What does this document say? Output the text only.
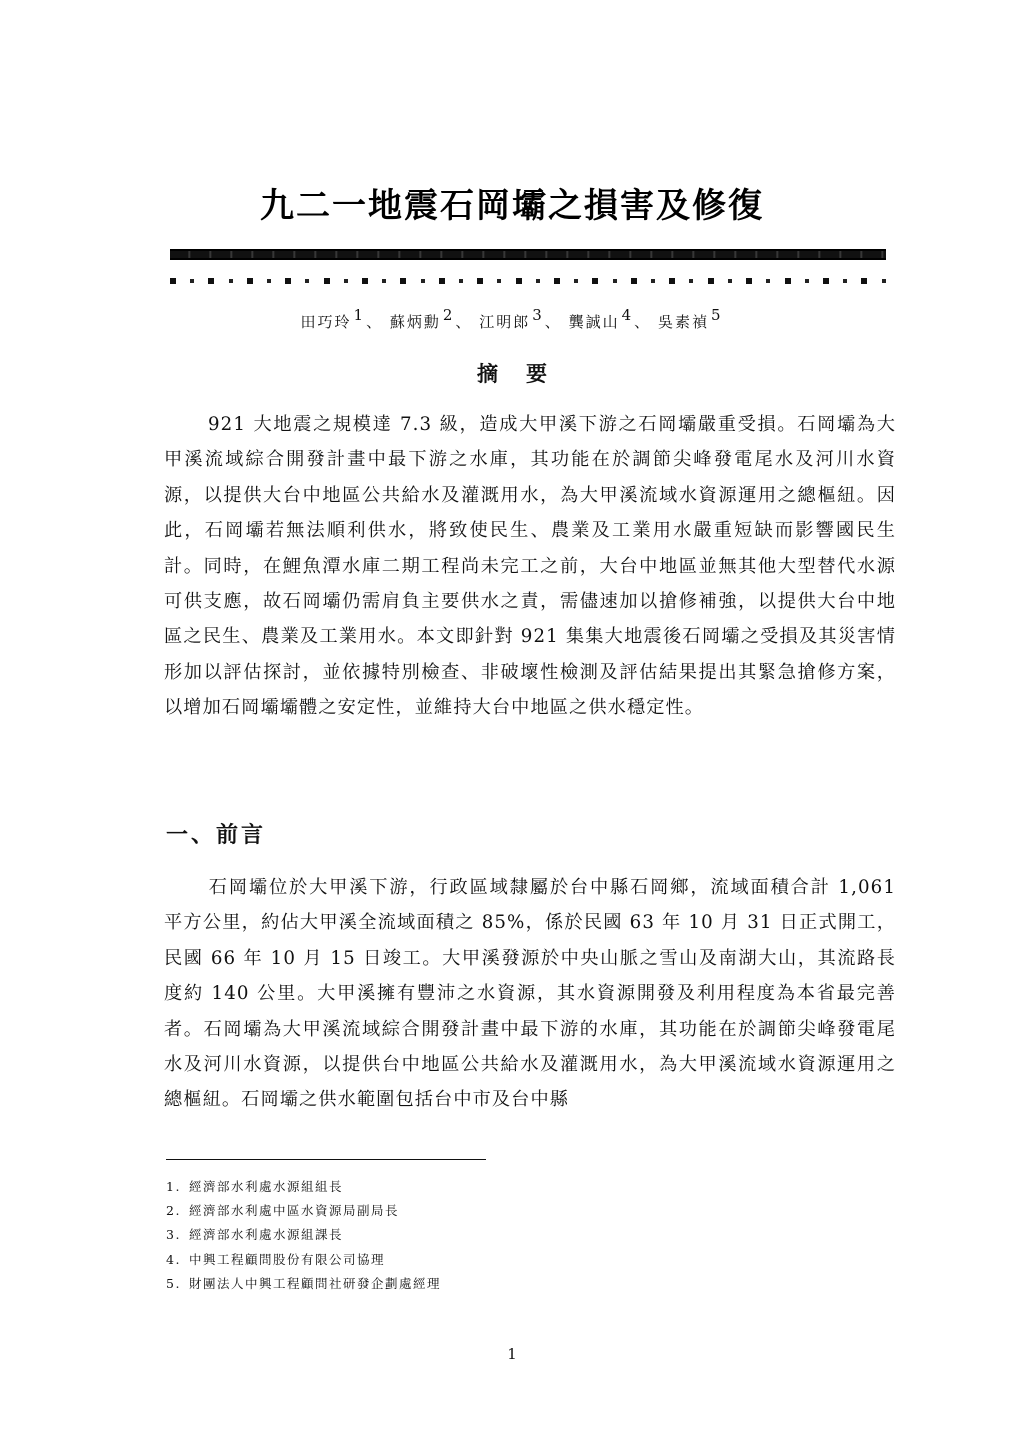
九二一地震石岡壩之損害及修復
田巧玲 $^1$ 、 蘇炳勳 $^2$ 、 江明郎 $^3$ 、 龔誠山 $^4$ 、 吳素禎 $^5$
摘要

921 大地震之規模達 7.3 級，造成大甲溪下游之石岡壩嚴重受損。石岡壩為大甲溪流域綜合開發計畫中最下游之水庫，其功能在於調節尖峰發電尾水及河川水資源，以提供大台中地區公共給水及灌溉用水，為大甲溪流域水資源運用之總樞紐。因此，石岡壩若無法順利供水，將致使民生、農業及工業用水嚴重短缺而影響國民生計。同時，在鯉魚潭水庫二期工程尚未完工之前，大台中地區並無其他大型替代水源可供支應，故石岡壩仍需肩負主要供水之責，需儘速加以搶修補強，以提供大台中地區之民生、農業及工業用水。本文即針對 921 集集大地震後石岡壩之受損及其災害情形加以評估探討，並依據特別檢查、非破壞性檢測及評估結果提出其緊急搶修方案，以增加石岡壩壩體之安定性，並維持大台中地區之供水穩定性。

一、前言

石岡壩位於大甲溪下游，行政區域隸屬於台中縣石岡鄉，流域面積合計 1,061 平方公里，約佔大甲溪全流域面積之 85%，係於民國 63 年 10 月 31 日正式開工，民國 66 年 10 月 15 日竣工。大甲溪發源於中央山脈之雪山及南湖大山，其流路長度約 140 公里。大甲溪擁有豐沛之水資源，其水資源開發及利用程度為本省最完善者。石岡壩為大甲溪流域綜合開發計畫中最下游的水庫，其功能在於調節尖峰發電尾水及河川水資源，以提供台中地區公共給水及灌溉用水，為大甲溪流域水資源運用之總樞紐。石岡壩之供水範圍包括台中市及台中縣

1. 經濟部水利處水源組組長
2. 經濟部水利處中區水資源局副局長
3. 經濟部水利處水源組課長
4. 中興工程顧問股份有限公司協理
5. 財團法人中興工程顧問社研發企劃處經理
1
